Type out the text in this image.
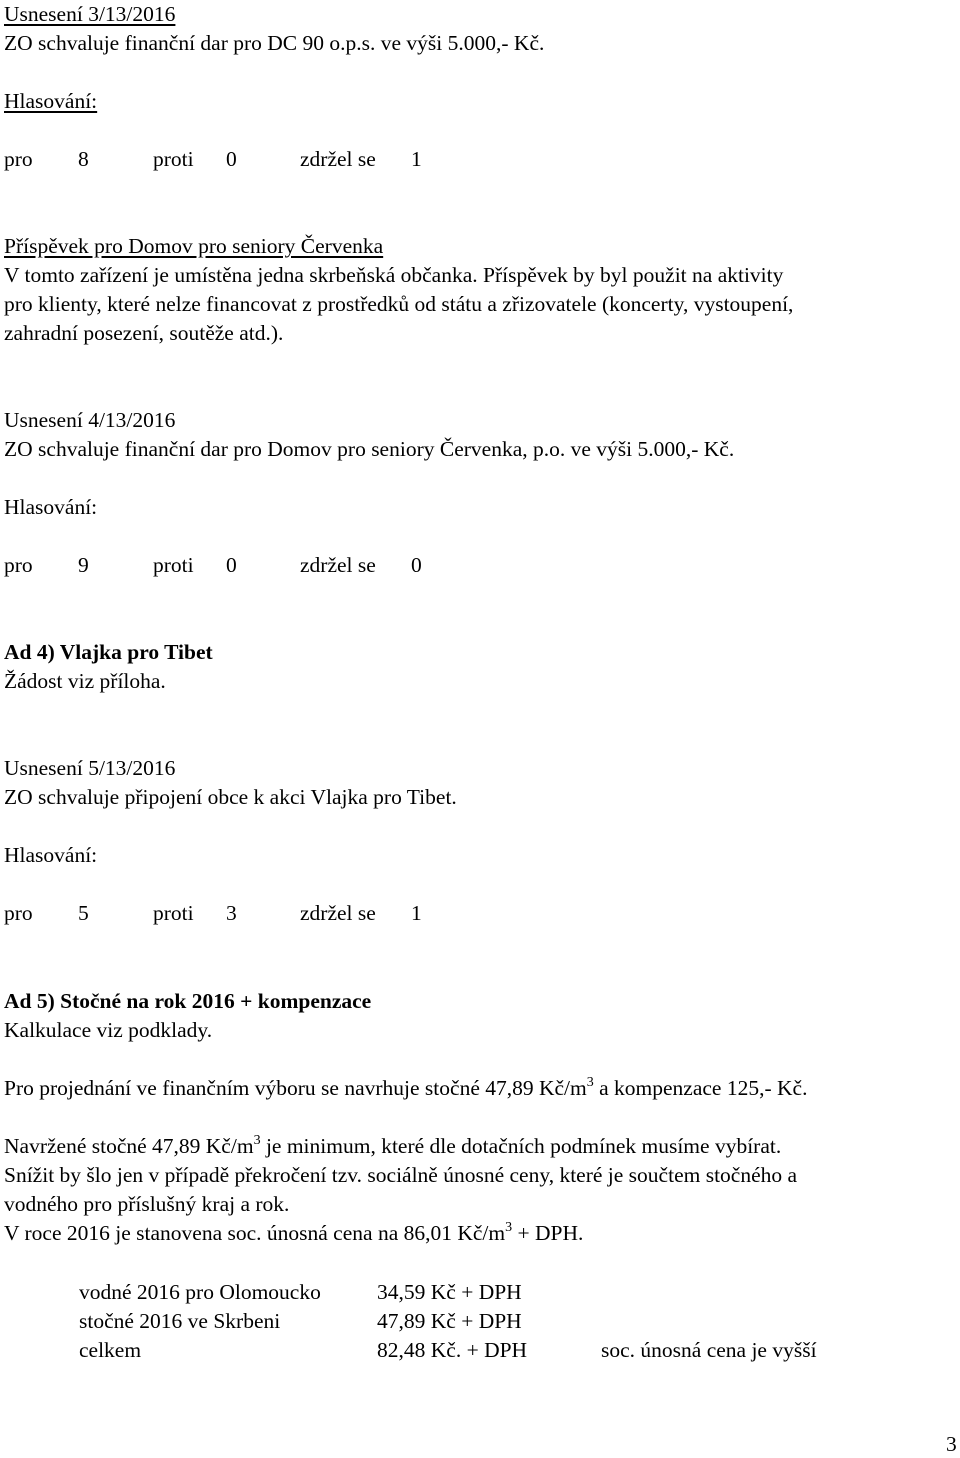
Usnesení 3/13/2016
ZO schvaluje finanční dar pro DC 90 o.p.s. ve výši 5.000,- Kč.
Hlasování:
pro 8	proti 0	zdržel se 1
Příspěvek pro Domov pro seniory Červenka
V tomto zařízení je umístěna jedna skrbeňská občanka. Příspěvek by byl použit na aktivity
pro klienty, které nelze financovat z prostředků od státu a zřizovatele (koncerty, vystoupení,
zahradní posezení, soutěže atd.).
Usnesení 4/13/2016
ZO schvaluje finanční dar pro Domov pro seniory Červenka, p.o. ve výši 5.000,- Kč.
Hlasování:
pro 9	proti 0	zdržel se 0
Ad 4) Vlajka pro Tibet
Žádost viz příloha.
Usnesení 5/13/2016
ZO schvaluje připojení obce k akci Vlajka pro Tibet.
Hlasování:
pro 5	proti 3	zdržel se 1
Ad 5) Stočné na rok 2016 + kompenzace
Kalkulace viz podklady.
Pro projednání ve finančním výboru se navrhuje stočné 47,89 $Kč/m^3$ a kompenzace 125,- Kč.
Navržené stočné 47,89 $Kč/m^3$ je minimum, které dle dotačních podmínek musíme vybírat.
Snížit by šlo jen v případě překročení tzv. sociálně únosné ceny, které je součtem stočného a
vodného pro příslušný kraj a rok.
V roce 2016 je stanovena soc. únosná cena na 86,01 $Kč/m^3$ + DPH.
vodné 2016 pro Olomoucko	34,59 Kč + DPH
stočné 2016 ve Skrbeni	47,89 Kč + DPH
celkem	82,48 Kč. + DPH	soc. únosná cena je vyšší
3
